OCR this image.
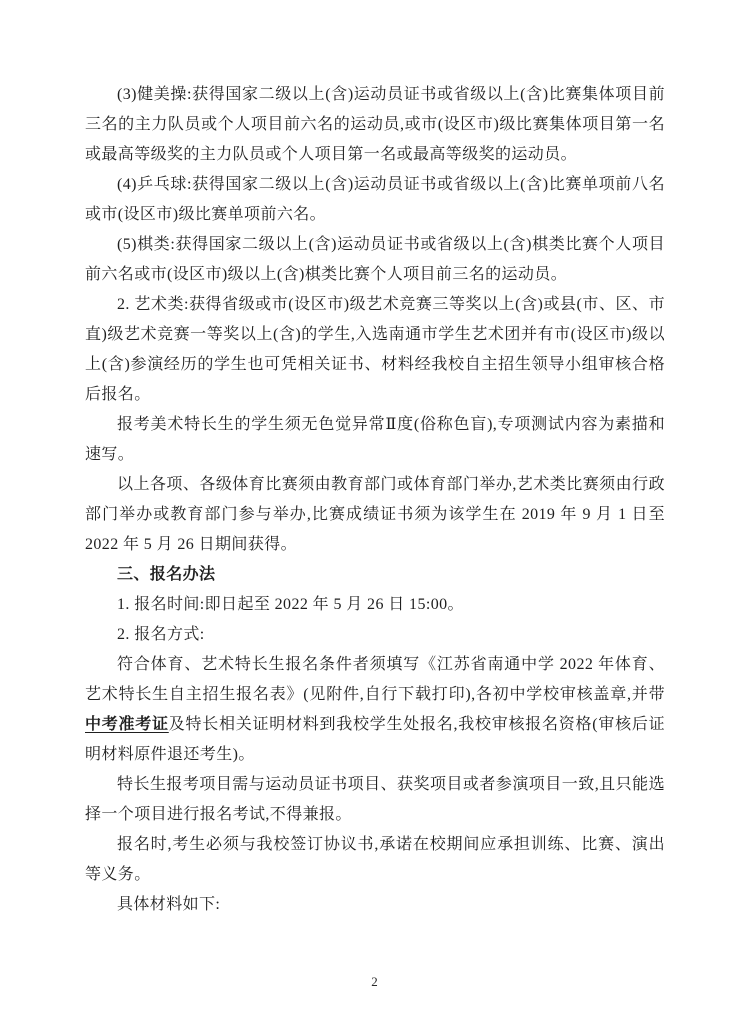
(3)健美操:获得国家二级以上(含)运动员证书或省级以上(含)比赛集体项目前三名的主力队员或个人项目前六名的运动员,或市(设区市)级比赛集体项目第一名或最高等级奖的主力队员或个人项目第一名或最高等级奖的运动员。

(4)乒乓球:获得国家二级以上(含)运动员证书或省级以上(含)比赛单项前八名或市(设区市)级比赛单项前六名。

(5)棋类:获得国家二级以上(含)运动员证书或省级以上(含)棋类比赛个人项目前六名或市(设区市)级以上(含)棋类比赛个人项目前三名的运动员。

2. 艺术类:获得省级或市(设区市)级艺术竞赛三等奖以上(含)或县(市、区、市直)级艺术竞赛一等奖以上(含)的学生,入选南通市学生艺术团并有市(设区市)级以上(含)参演经历的学生也可凭相关证书、材料经我校自主招生领导小组审核合格后报名。

报考美术特长生的学生须无色觉异常Ⅱ度(俗称色盲),专项测试内容为素描和速写。

以上各项、各级体育比赛须由教育部门或体育部门举办,艺术类比赛须由行政部门举办或教育部门参与举办,比赛成绩证书须为该学生在 2019 年 9 月 1 日至 2022 年 5 月 26 日期间获得。

三、报名办法

1. 报名时间:即日起至 2022 年 5 月 26 日 15:00。

2. 报名方式:

符合体育、艺术特长生报名条件者须填写《江苏省南通中学 2022 年体育、艺术特长生自主招生报名表》(见附件,自行下载打印),各初中学校审核盖章,并带中考准考证及特长相关证明材料到我校学生处报名,我校审核报名资格(审核后证明材料原件退还考生)。

特长生报考项目需与运动员证书项目、获奖项目或者参演项目一致,且只能选择一个项目进行报名考试,不得兼报。

报名时,考生必须与我校签订协议书,承诺在校期间应承担训练、比赛、演出等义务。

具体材料如下:

2
